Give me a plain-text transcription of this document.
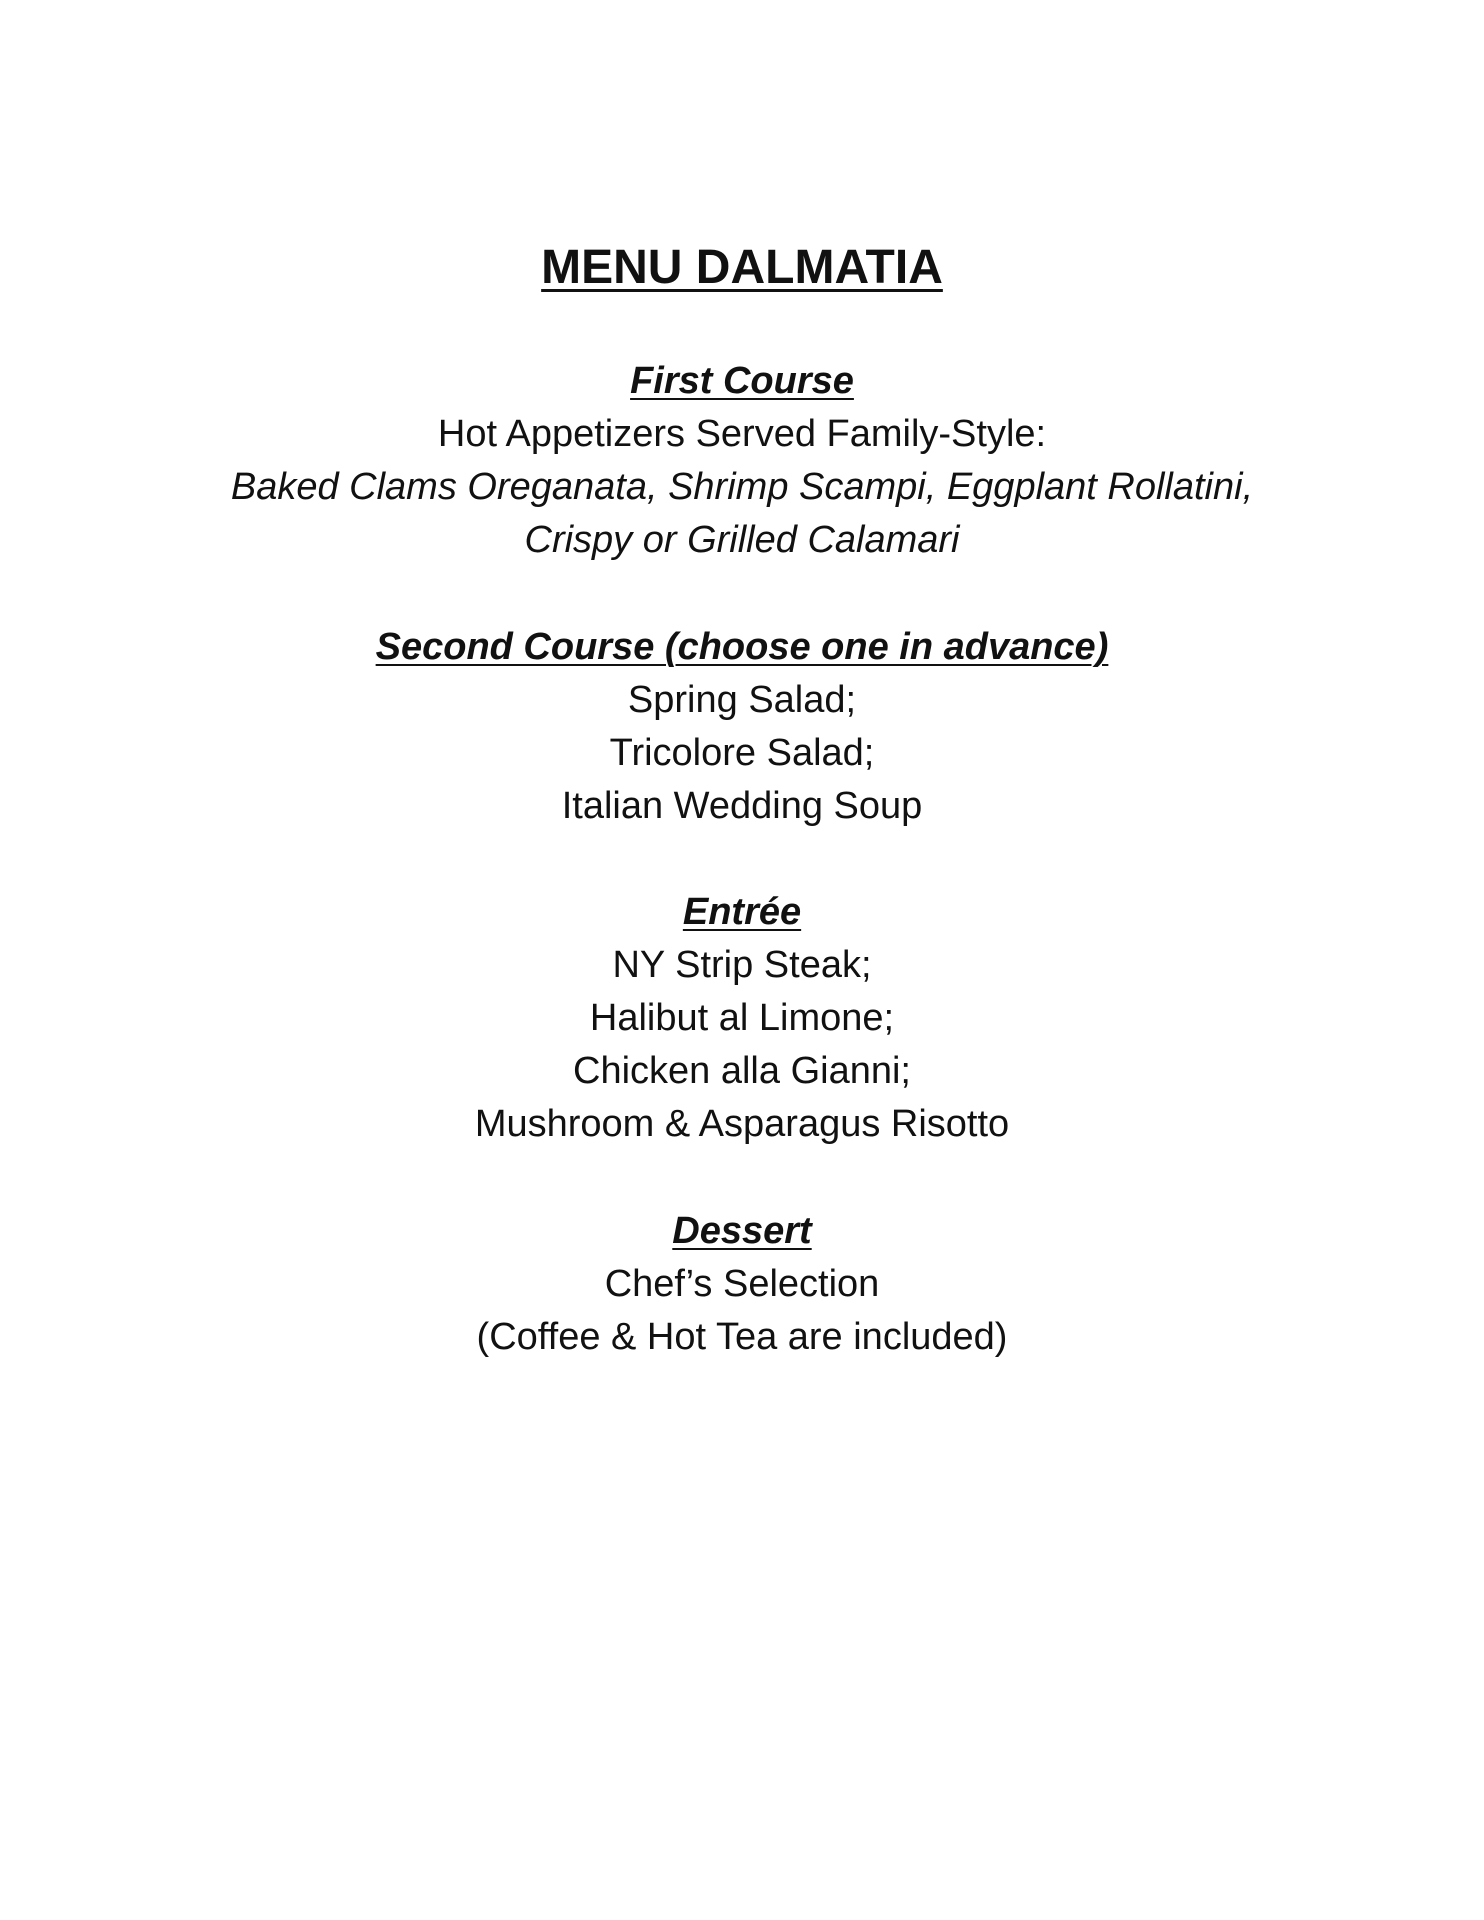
MENU DALMATIA
First Course
Hot Appetizers Served Family-Style:
Baked Clams Oreganata, Shrimp Scampi, Eggplant Rollatini,
Crispy or Grilled Calamari
Second Course (choose one in advance)
Spring Salad;
Tricolore Salad;
Italian Wedding Soup
Entrée
NY Strip Steak;
Halibut al Limone;
Chicken alla Gianni;
Mushroom & Asparagus Risotto
Dessert
Chef’s Selection
(Coffee & Hot Tea are included)
